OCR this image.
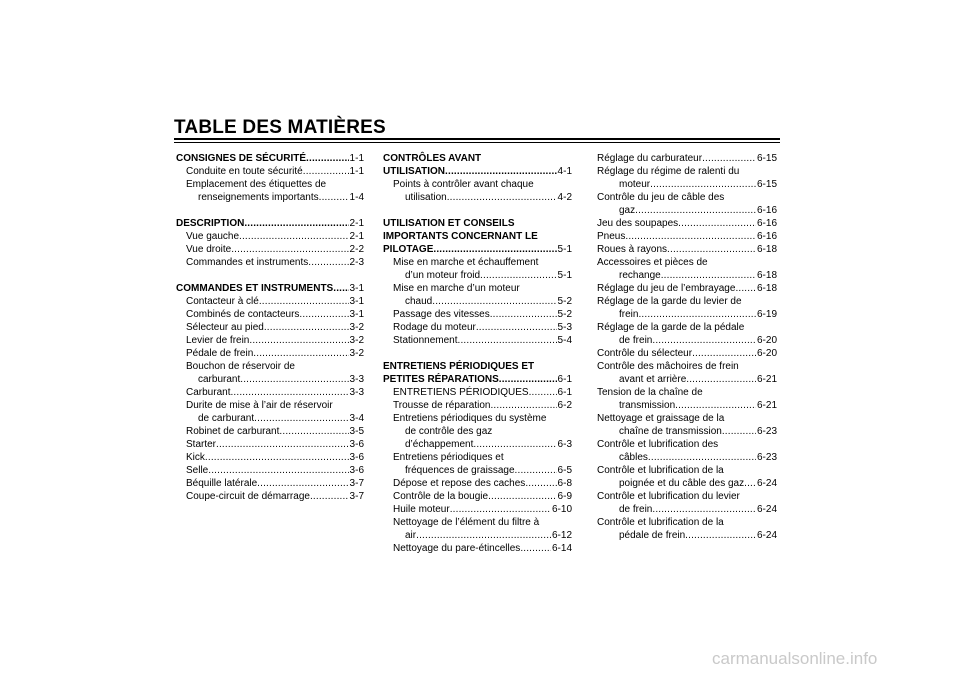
TABLE DES MATIÈRES
CONSIGNES DE SÉCURITÉ . . .	1-1
Conduite en toute sécurité . . .	1-1
Emplacement des étiquettes de
renseignements importants . . .	1-4
DESCRIPTION . . .	2-1
Vue gauche . . .	2-1
Vue droite . . .	2-2
Commandes et instruments . . .	2-3
COMMANDES ET INSTRUMENTS . . . 3-1
Contacteur à clé . . .	3-1
Combinés de contacteurs . . .	3-1
Sélecteur au pied . . .	3-2
Levier de frein . . .	3-2
Pédale de frein . . .	3-2
Bouchon de réservoir de
carburant . . .	3-3
Carburant . . .	3-3
Durite de mise à l’air de réservoir
de carburant . . .	3-4
Robinet de carburant . . .	3-5
Starter . . .	3-6
Kick . . .	3-6
Selle . . .	3-6
Béquille latérale . . .	3-7
Coupe-circuit de démarrage . . .	3-7
CONTRÔLES AVANT
UTILISATION . . .	4-1
Points à contrôler avant chaque
utilisation . . .	4-2
UTILISATION ET CONSEILS
IMPORTANTS CONCERNANT LE
PILOTAGE . . .	5-1
Mise en marche et échauffement
d’un moteur froid . . .	5-1
Mise en marche d’un moteur
chaud . . .	5-2
Passage des vitesses . . .	5-2
Rodage du moteur . . .	5-3
Stationnement . . .	5-4
ENTRETIENS PÉRIODIQUES ET
PETITES RÉPARATIONS . . .	6-1
ENTRETIENS PÉRIODIQUES . . .	6-1
Trousse de réparation . . .	6-2
Entretiens périodiques du système
de contrôle des gaz
d’échappement . . .	6-3
Entretiens périodiques et
fréquences de graissage . . .	6-5
Dépose et repose des caches . . .	6-8
Contrôle de la bougie . . .	6-9
Huile moteur . . .	6-10
Nettoyage de l’élément du filtre à
air . . .	6-12
Nettoyage du pare-étincelles . . .	6-14
Réglage du carburateur . . .	6-15
Réglage du régime de ralenti du
moteur . . .	6-15
Contrôle du jeu de câble des
gaz . . .	6-16
Jeu des soupapes . . .	6-16
Pneus . . .	6-16
Roues à rayons . . .	6-18
Accessoires et pièces de
rechange . . .	6-18
Réglage du jeu de l’embrayage . . . 6-18
Réglage de la garde du levier de
frein . . .	6-19
Réglage de la garde de la pédale
de frein . . .	6-20
Contrôle du sélecteur . . .	6-20
Contrôle des mâchoires de frein
avant et arrière . . .	6-21
Tension de la chaîne de
transmission . . .	6-21
Nettoyage et graissage de la
chaîne de transmission . . .	6-23
Contrôle et lubrification des
câbles . . .	6-23
Contrôle et lubrification de la
poignée et du câble des gaz . . . 6-24
Contrôle et lubrification du levier
de frein . . .	6-24
Contrôle et lubrification de la
pédale de frein . . .	6-24
carmanualsonline.info
